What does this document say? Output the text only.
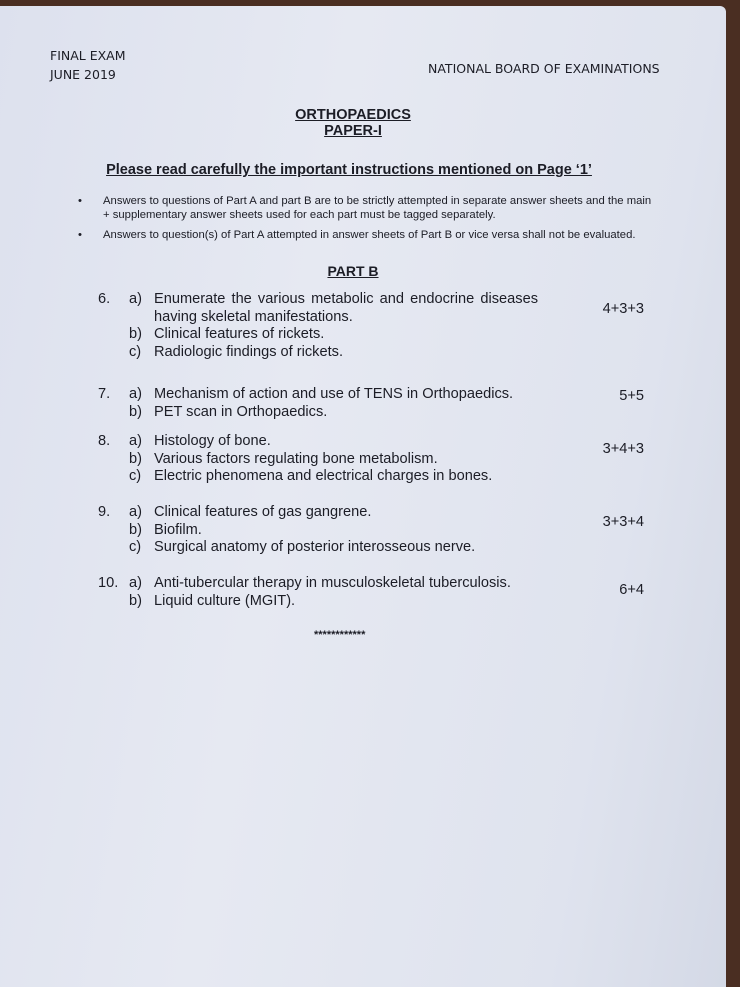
FINAL EXAM
JUNE 2019	NATIONAL BOARD OF EXAMINATIONS
ORTHOPAEDICS
PAPER-I
Please read carefully the important instructions mentioned on Page ‘1’
• Answers to questions of Part A and part B are to be strictly attempted in separate answer sheets and the main + supplementary answer sheets used for each part must be tagged separately.
• Answers to question(s) of Part A attempted in answer sheets of Part B or vice versa shall not be evaluated.
PART B
6.
4+3+3
a) Enumerate the various metabolic and endocrine diseases having skeletal manifestations.
b) Clinical features of rickets.
c) Radiologic findings of rickets.
7.	5+5
a) Mechanism of action and use of TENS in Orthopaedics.
b) PET scan in Orthopaedics.
8.	3+4+3
a) Histology of bone.
b) Various factors regulating bone metabolism.
c) Electric phenomena and electrical charges in bones.
9.
3+3+4
a) Clinical features of gas gangrene.
b) Biofilm.
c) Surgical anatomy of posterior interosseous nerve.
10.	6+4
a) Anti-tubercular therapy in musculoskeletal tuberculosis.
b) Liquid culture (MGIT).
************
